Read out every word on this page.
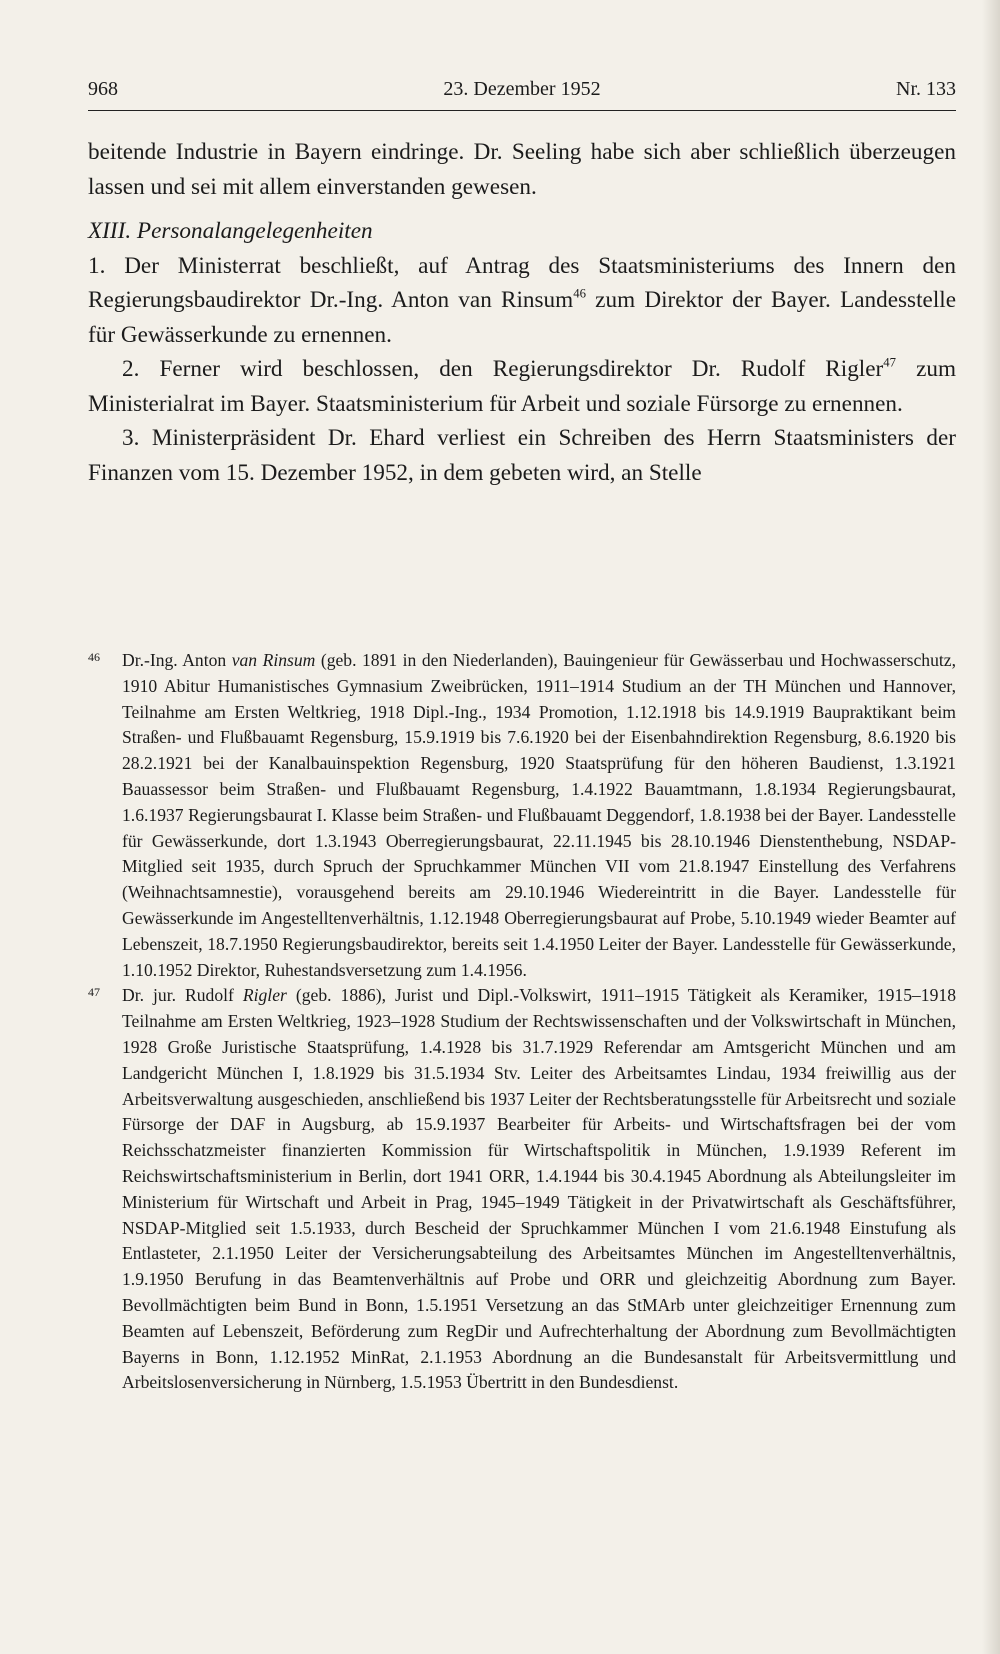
968	23. Dezember 1952	Nr. 133

beitende Industrie in Bayern eindringe. Dr. Seeling habe sich aber schließlich überzeugen lassen und sei mit allem einverstanden gewesen.

XIII. Personalangelegenheiten

1. Der Ministerrat beschließt, auf Antrag des Staatsministeriums des Innern den Regierungsbaudirektor Dr.-Ing. Anton van Rinsum$^{46}$ zum Direktor der Bayer. Landesstelle für Gewässerkunde zu ernennen.

2. Ferner wird beschlossen, den Regierungsdirektor Dr. Rudolf Rigler$^{47}$ zum Ministerialrat im Bayer. Staatsministerium für Arbeit und soziale Fürsorge zu ernennen.

3. Ministerpräsident Dr. Ehard verliest ein Schreiben des Herrn Staatsministers der Finanzen vom 15. Dezember 1952, in dem gebeten wird, an Stelle

46 Dr.-Ing. Anton van Rinsum (geb. 1891 in den Niederlanden), Bauingenieur für Gewässerbau und Hochwasserschutz, 1910 Abitur Humanistisches Gymnasium Zweibrücken, 1911–1914 Studium an der TH München und Hannover, Teilnahme am Ersten Weltkrieg, 1918 Dipl.-Ing., 1934 Promotion, 1.12.1918 bis 14.9.1919 Baupraktikant beim Straßen- und Flußbauamt Regensburg, 15.9.1919 bis 7.6.1920 bei der Eisenbahndirektion Regensburg, 8.6.1920 bis 28.2.1921 bei der Kanalbauinspektion Regensburg, 1920 Staatsprüfung für den höheren Baudienst, 1.3.1921 Bauassessor beim Straßen- und Flußbauamt Regensburg, 1.4.1922 Bauamtmann, 1.8.1934 Regierungsbaurat, 1.6.1937 Regierungsbaurat I. Klasse beim Straßen- und Flußbauamt Deggendorf, 1.8.1938 bei der Bayer. Landesstelle für Gewässerkunde, dort 1.3.1943 Oberregierungsbaurat, 22.11.1945 bis 28.10.1946 Dienstenthebung, NSDAP-Mitglied seit 1935, durch Spruch der Spruchkammer München VII vom 21.8.1947 Einstellung des Verfahrens (Weihnachtsamnestie), vorausgehend bereits am 29.10.1946 Wiedereintritt in die Bayer. Landesstelle für Gewässerkunde im Angestelltenverhältnis, 1.12.1948 Oberregierungsbaurat auf Probe, 5.10.1949 wieder Beamter auf Lebenszeit, 18.7.1950 Regierungsbaudirektor, bereits seit 1.4.1950 Leiter der Bayer. Landesstelle für Gewässerkunde, 1.10.1952 Direktor, Ruhestandsversetzung zum 1.4.1956.

47 Dr. jur. Rudolf Rigler (geb. 1886), Jurist und Dipl.-Volkswirt, 1911–1915 Tätigkeit als Keramiker, 1915–1918 Teilnahme am Ersten Weltkrieg, 1923–1928 Studium der Rechtswissenschaften und der Volkswirtschaft in München, 1928 Große Juristische Staatsprüfung, 1.4.1928 bis 31.7.1929 Referendar am Amtsgericht München und am Landgericht München I, 1.8.1929 bis 31.5.1934 Stv. Leiter des Arbeitsamtes Lindau, 1934 freiwillig aus der Arbeitsverwaltung ausgeschieden, anschließend bis 1937 Leiter der Rechtsberatungsstelle für Arbeitsrecht und soziale Fürsorge der DAF in Augsburg, ab 15.9.1937 Bearbeiter für Arbeits- und Wirtschaftsfragen bei der vom Reichsschatzmeister finanzierten Kommission für Wirtschaftspolitik in München, 1.9.1939 Referent im Reichswirtschaftsministerium in Berlin, dort 1941 ORR, 1.4.1944 bis 30.4.1945 Abordnung als Abteilungsleiter im Ministerium für Wirtschaft und Arbeit in Prag, 1945–1949 Tätigkeit in der Privatwirtschaft als Geschäftsführer, NSDAP-Mitglied seit 1.5.1933, durch Bescheid der Spruchkammer München I vom 21.6.1948 Einstufung als Entlasteter, 2.1.1950 Leiter der Versicherungsabteilung des Arbeitsamtes München im Angestelltenverhältnis, 1.9.1950 Berufung in das Beamtenverhältnis auf Probe und ORR und gleichzeitig Abordnung zum Bayer. Bevollmächtigten beim Bund in Bonn, 1.5.1951 Versetzung an das StMArb unter gleichzeitiger Ernennung zum Beamten auf Lebenszeit, Beförderung zum RegDir und Aufrechterhaltung der Abordnung zum Bevollmächtigten Bayerns in Bonn, 1.12.1952 MinRat, 2.1.1953 Abordnung an die Bundesanstalt für Arbeitsvermittlung und Arbeitslosenversicherung in Nürnberg, 1.5.1953 Übertritt in den Bundesdienst.
